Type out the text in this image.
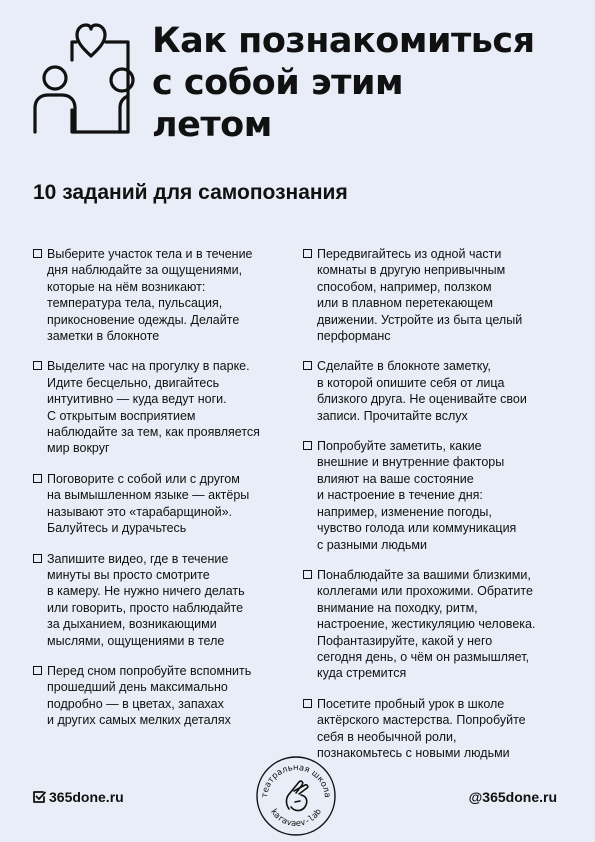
Как познакомиться
с собой этим
летом
10 заданий для самопознания
Выберите участок тела и в течение
дня наблюдайте за ощущениями,
которые на нём возникают:
температура тела, пульсация,
прикосновение одежды. Делайте
заметки в блокноте
Выделите час на прогулку в парке.
Идите бесцельно, двигайтесь
интуитивно — куда ведут ноги.
С открытым восприятием
наблюдайте за тем, как проявляется
мир вокруг
Поговорите с собой или с другом
на вымышленном языке — актёры
называют это «тарабарщиной».
Балуйтесь и дурачьтесь
Запишите видео, где в течение
минуты вы просто смотрите
в камеру. Не нужно ничего делать
или говорить, просто наблюдайте
за дыханием, возникающими
мыслями, ощущениями в теле
Перед сном попробуйте вспомнить
прошедший день максимально
подробно — в цветах, запахах
и других самых мелких деталях
Передвигайтесь из одной части
комнаты в другую непривычным
способом, например, ползком
или в плавном перетекающем
движении. Устройте из быта целый
перформанс
Сделайте в блокноте заметку,
в которой опишите себя от лица
близкого друга. Не оценивайте свои
записи. Прочитайте вслух
Попробуйте заметить, какие
внешние и внутренние факторы
влияют на ваше состояние
и настроение в течение дня:
например, изменение погоды,
чувство голода или коммуникация
с разными людьми
Понаблюдайте за вашими близкими,
коллегами или прохожими. Обратите
внимание на походку, ритм,
настроение, жестикуляцию человека.
Пофантазируйте, какой у него
сегодня день, о чём он размышляет,
куда стремится
Посетите пробный урок в школе
актёрского мастерства. Попробуйте
себя в необычной роли,
познакомьтесь с новыми людьми
365done.ru	театральная школа
karavaev-lab
@365done.ru
